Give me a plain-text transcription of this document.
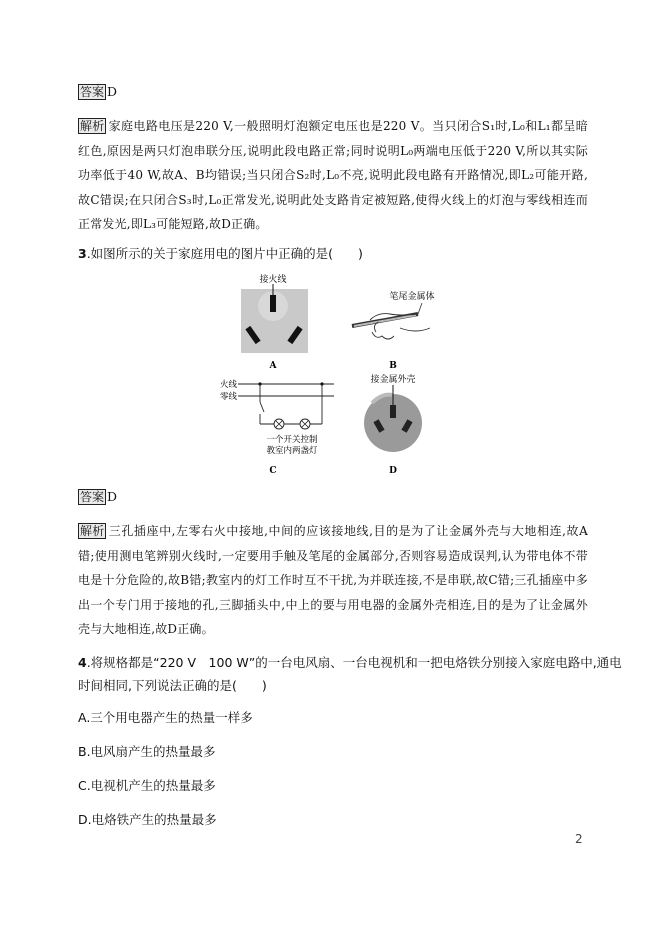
答案 D
解析 家庭电路电压是220 V,一般照明灯泡额定电压也是220 V。当只闭合S₁时,L₀和L₁都呈暗红色,原因是两只灯泡串联分压,说明此段电路正常;同时说明L₀两端电压低于220 V,所以其实际功率低于40 W,故A、B均错误;当只闭合S₂时,L₀不亮,说明此段电路有开路情况,即L₂可能开路,故C错误;在只闭合S₃时,L₀正常发光,说明此处支路肯定被短路,使得火线上的灯泡与零线相连而正常发光,即L₃可能短路,故D正确。
3.如图所示的关于家庭用电的图片中正确的是(　　)
接火线
A
笔尾金属体
B
火线
零线
一个开关控制
教室内两盏灯
C
接金属外壳
D
答案 D
解析 三孔插座中,左零右火中接地,中间的应该接地线,目的是为了让金属外壳与大地相连,故A错;使用测电笔辨别火线时,一定要用手触及笔尾的金属部分,否则容易造成误判,认为带电体不带电是十分危险的,故B错;教室内的灯工作时互不干扰,为并联连接,不是串联,故C错;三孔插座中多出一个专门用于接地的孔,三脚插头中,中上的要与用电器的金属外壳相连,目的是为了让金属外壳与大地相连,故D正确。
4.将规格都是“220 V　100 W”的一台电风扇、一台电视机和一把电烙铁分别接入家庭电路中,通电
时间相同,下列说法正确的是(　　)
A.三个用电器产生的热量一样多
B.电风扇产生的热量最多
C.电视机产生的热量最多
D.电烙铁产生的热量最多
2
